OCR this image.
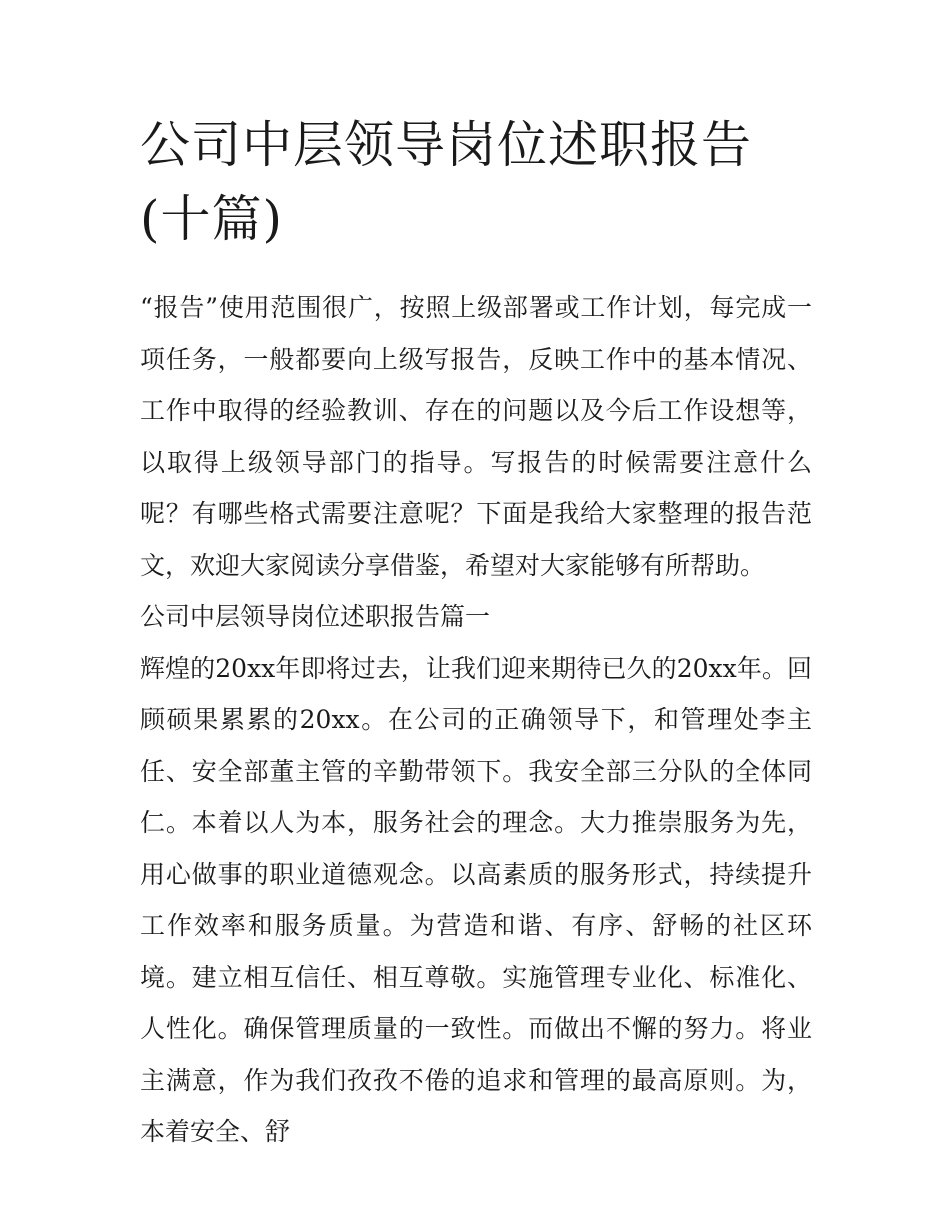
公司中层领导岗位述职报告(十篇)

“报告”使用范围很广，按照上级部署或工作计划，每完成一项任务，一般都要向上级写报告，反映工作中的基本情况、工作中取得的经验教训、存在的问题以及今后工作设想等，以取得上级领导部门的指导。写报告的时候需要注意什么呢？有哪些格式需要注意呢？下面是我给大家整理的报告范文，欢迎大家阅读分享借鉴，希望对大家能够有所帮助。

公司中层领导岗位述职报告篇一

辉煌的20xx年即将过去，让我们迎来期待已久的20xx年。回顾硕果累累的20xx。在公司的正确领导下，和管理处李主任、安全部董主管的辛勤带领下。我安全部三分队的全体同仁。本着以人为本，服务社会的理念。大力推崇服务为先，用心做事的职业道德观念。以高素质的服务形式，持续提升工作效率和服务质量。为营造和谐、有序、舒畅的社区环境。建立相互信任、相互尊敬。实施管理专业化、标准化、人性化。确保管理质量的一致性。而做出不懈的努力。将业主满意，作为我们孜孜不倦的追求和管理的最高原则。为，本着安全、舒
